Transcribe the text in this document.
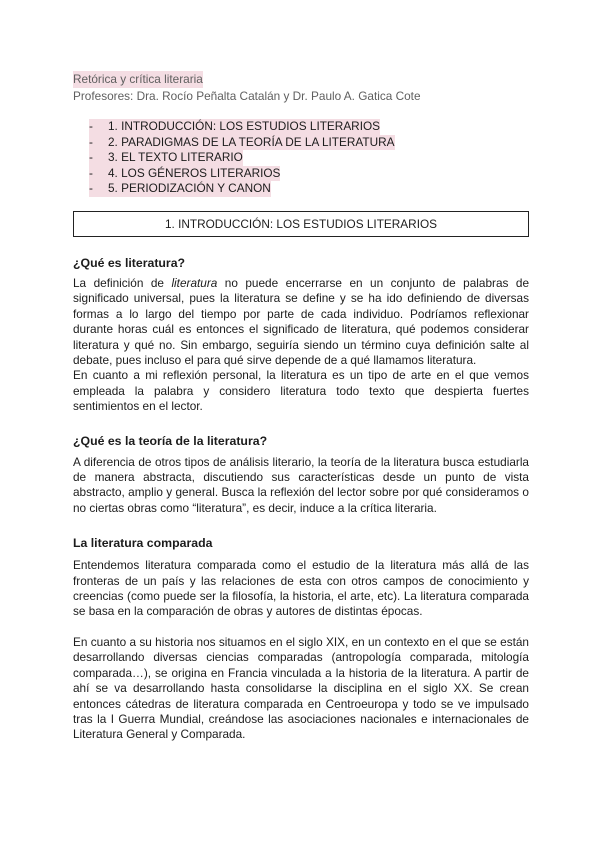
Retórica y crítica literaria
Profesores: Dra. Rocío Peñalta Catalán y Dr. Paulo A. Gatica Cote
-	1. INTRODUCCIÓN: LOS ESTUDIOS LITERARIOS
-	2. PARADIGMAS DE LA TEORÍA DE LA LITERATURA
-	3. EL TEXTO LITERARIO
-	4. LOS GÉNEROS LITERARIOS
-	5. PERIODIZACIÓN Y CANON
1. INTRODUCCIÓN: LOS ESTUDIOS LITERARIOS
¿Qué es literatura?

La definición de literatura no puede encerrarse en un conjunto de palabras de significado universal, pues la literatura se define y se ha ido definiendo de diversas formas a lo largo del tiempo por parte de cada individuo. Podríamos reflexionar durante horas cuál es entonces el significado de literatura, qué podemos considerar literatura y qué no. Sin embargo, seguiría siendo un término cuya definición salte al debate, pues incluso el para qué sirve depende de a qué llamamos literatura.

En cuanto a mi reflexión personal, la literatura es un tipo de arte en el que vemos empleada la palabra y considero literatura todo texto que despierta fuertes sentimientos en el lector.

¿Qué es la teoría de la literatura?

A diferencia de otros tipos de análisis literario, la teoría de la literatura busca estudiarla de manera abstracta, discutiendo sus características desde un punto de vista abstracto, amplio y general. Busca la reflexión del lector sobre por qué consideramos o no ciertas obras como “literatura”, es decir, induce a la crítica literaria.

La literatura comparada

Entendemos literatura comparada como el estudio de la literatura más allá de las fronteras de un país y las relaciones de esta con otros campos de conocimiento y creencias (como puede ser la filosofía, la historia, el arte, etc). La literatura comparada se basa en la comparación de obras y autores de distintas épocas.

En cuanto a su historia nos situamos en el siglo XIX, en un contexto en el que se están desarrollando diversas ciencias comparadas (antropología comparada, mitología comparada…), se origina en Francia vinculada a la historia de la literatura. A partir de ahí se va desarrollando hasta consolidarse la disciplina en el siglo XX. Se crean entonces cátedras de literatura comparada en Centroeuropa y todo se ve impulsado tras la I Guerra Mundial, creándose las asociaciones nacionales e internacionales de Literatura General y Comparada.
